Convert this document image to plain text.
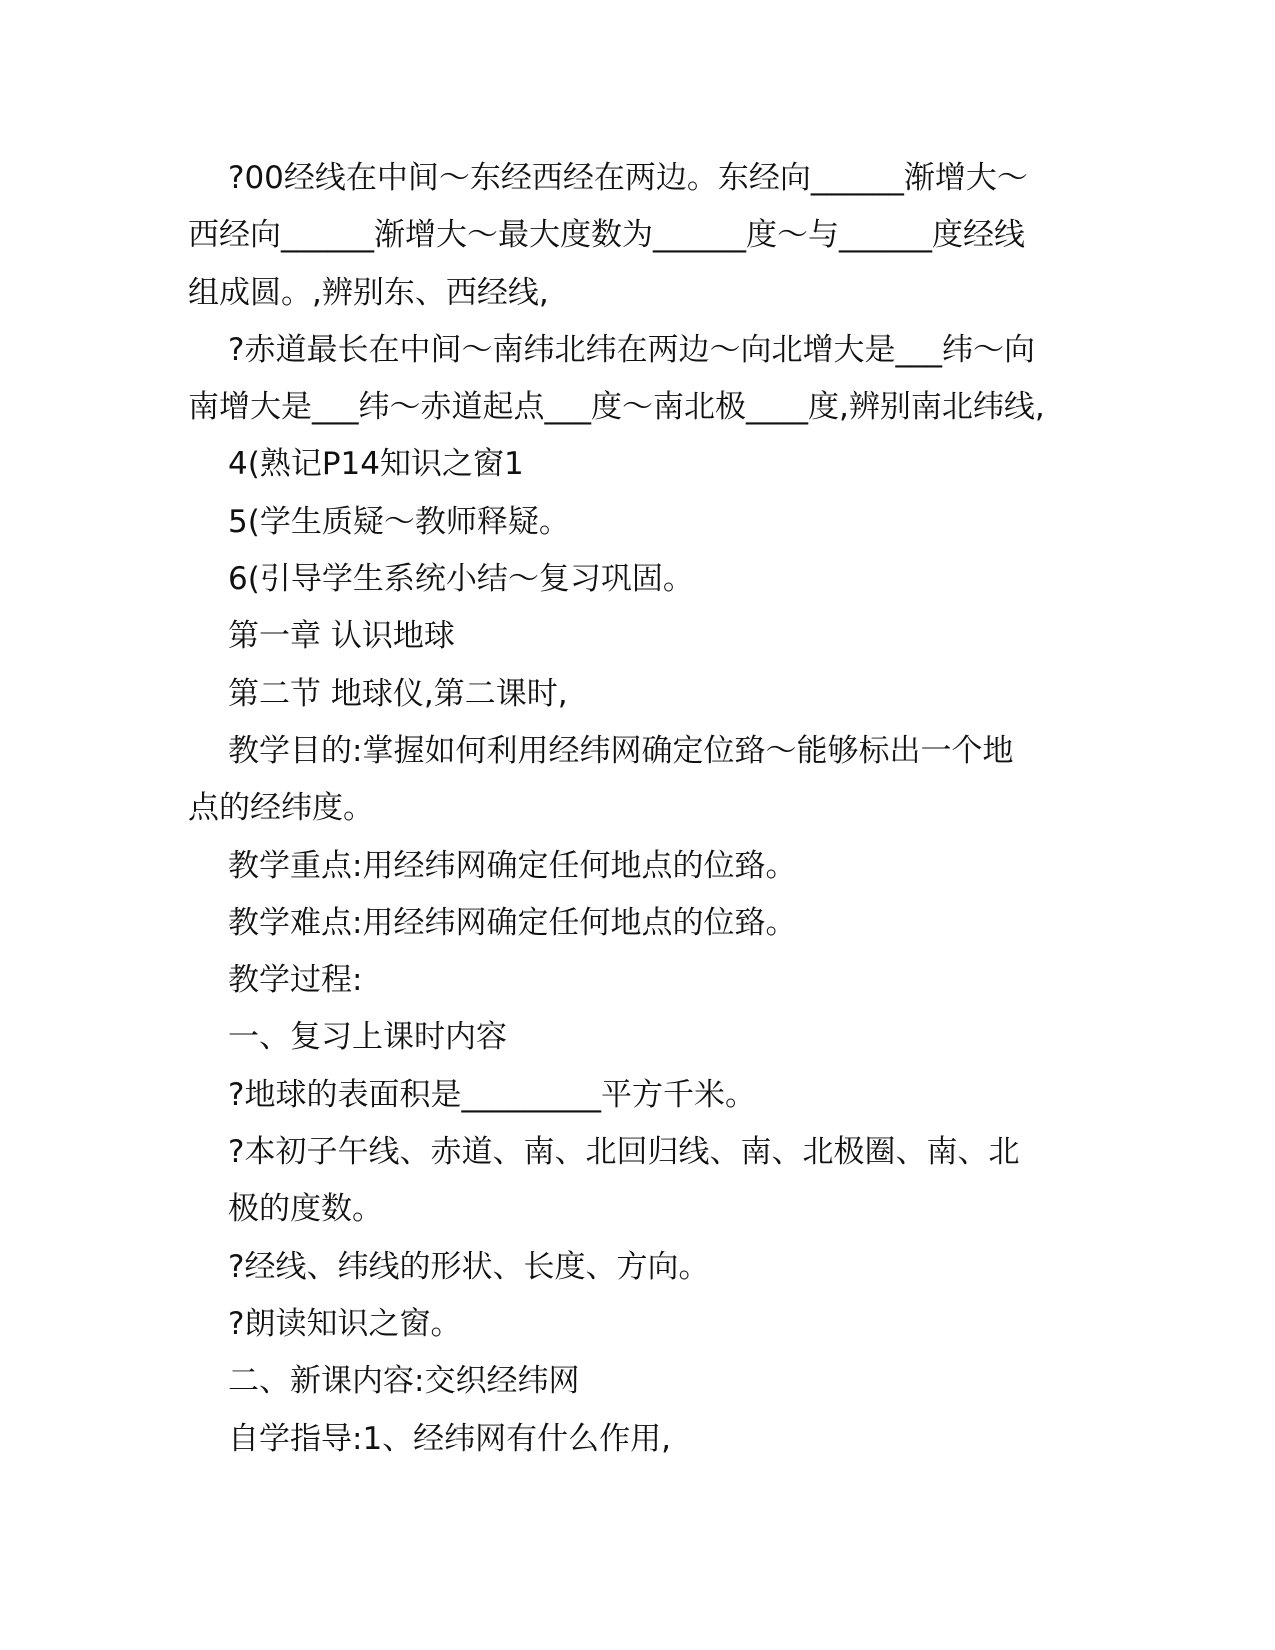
?00经线在中间～东经西经在两边。东经向______渐增大～
西经向______渐增大～最大度数为______度～与______度经线
组成圆。,辨别东、西经线,
?赤道最长在中间～南纬北纬在两边～向北增大是___纬～向
南增大是___纬～赤道起点___度～南北极____度,辨别南北纬线,
4(熟记P14知识之窗1
5(学生质疑～教师释疑。
6(引导学生系统小结～复习巩固。
第一章 认识地球
第二节 地球仪,第二课时,
教学目的:掌握如何利用经纬网确定位臵～能够标出一个地
点的经纬度。
教学重点:用经纬网确定任何地点的位臵。
教学难点:用经纬网确定任何地点的位臵。
教学过程:
一、复习上课时内容
?地球的表面积是_________平方千米。
?本初子午线、赤道、南、北回归线、南、北极圈、南、北
极的度数。
?经线、纬线的形状、长度、方向。
?朗读知识之窗。
二、新课内容:交织经纬网
自学指导:1、经纬网有什么作用,
